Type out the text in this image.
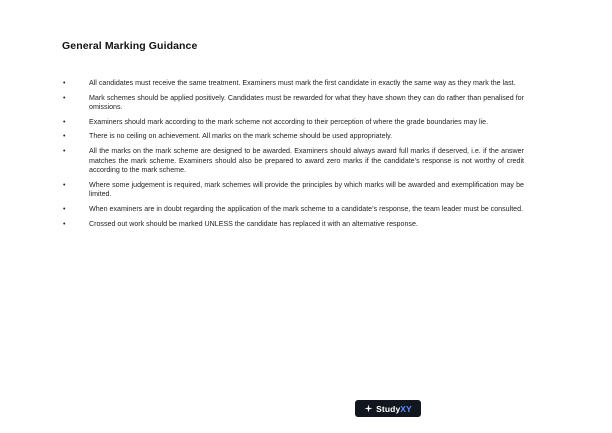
General Marking Guidance
•	All candidates must receive the same treatment. Examiners must mark the first candidate in exactly the same way as they mark the last.
•	Mark schemes should be applied positively. Candidates must be rewarded for what they have shown they can do rather than penalised for omissions.
•	Examiners should mark according to the mark scheme not according to their perception of where the grade boundaries may lie.
•	There is no ceiling on achievement. All marks on the mark scheme should be used appropriately.
•	All the marks on the mark scheme are designed to be awarded. Examiners should always award full marks if deserved, i.e. if the answer matches the mark scheme. Examiners should also be prepared to award zero marks if the candidate’s response is not worthy of credit according to the mark scheme.
•	Where some judgement is required, mark schemes will provide the principles by which marks will be awarded and exemplification may be limited.
•	When examiners are in doubt regarding the application of the mark scheme to a candidate’s response, the team leader must be consulted.
•	Crossed out work should be marked UNLESS the candidate has replaced it with an alternative response.
StudyXY
